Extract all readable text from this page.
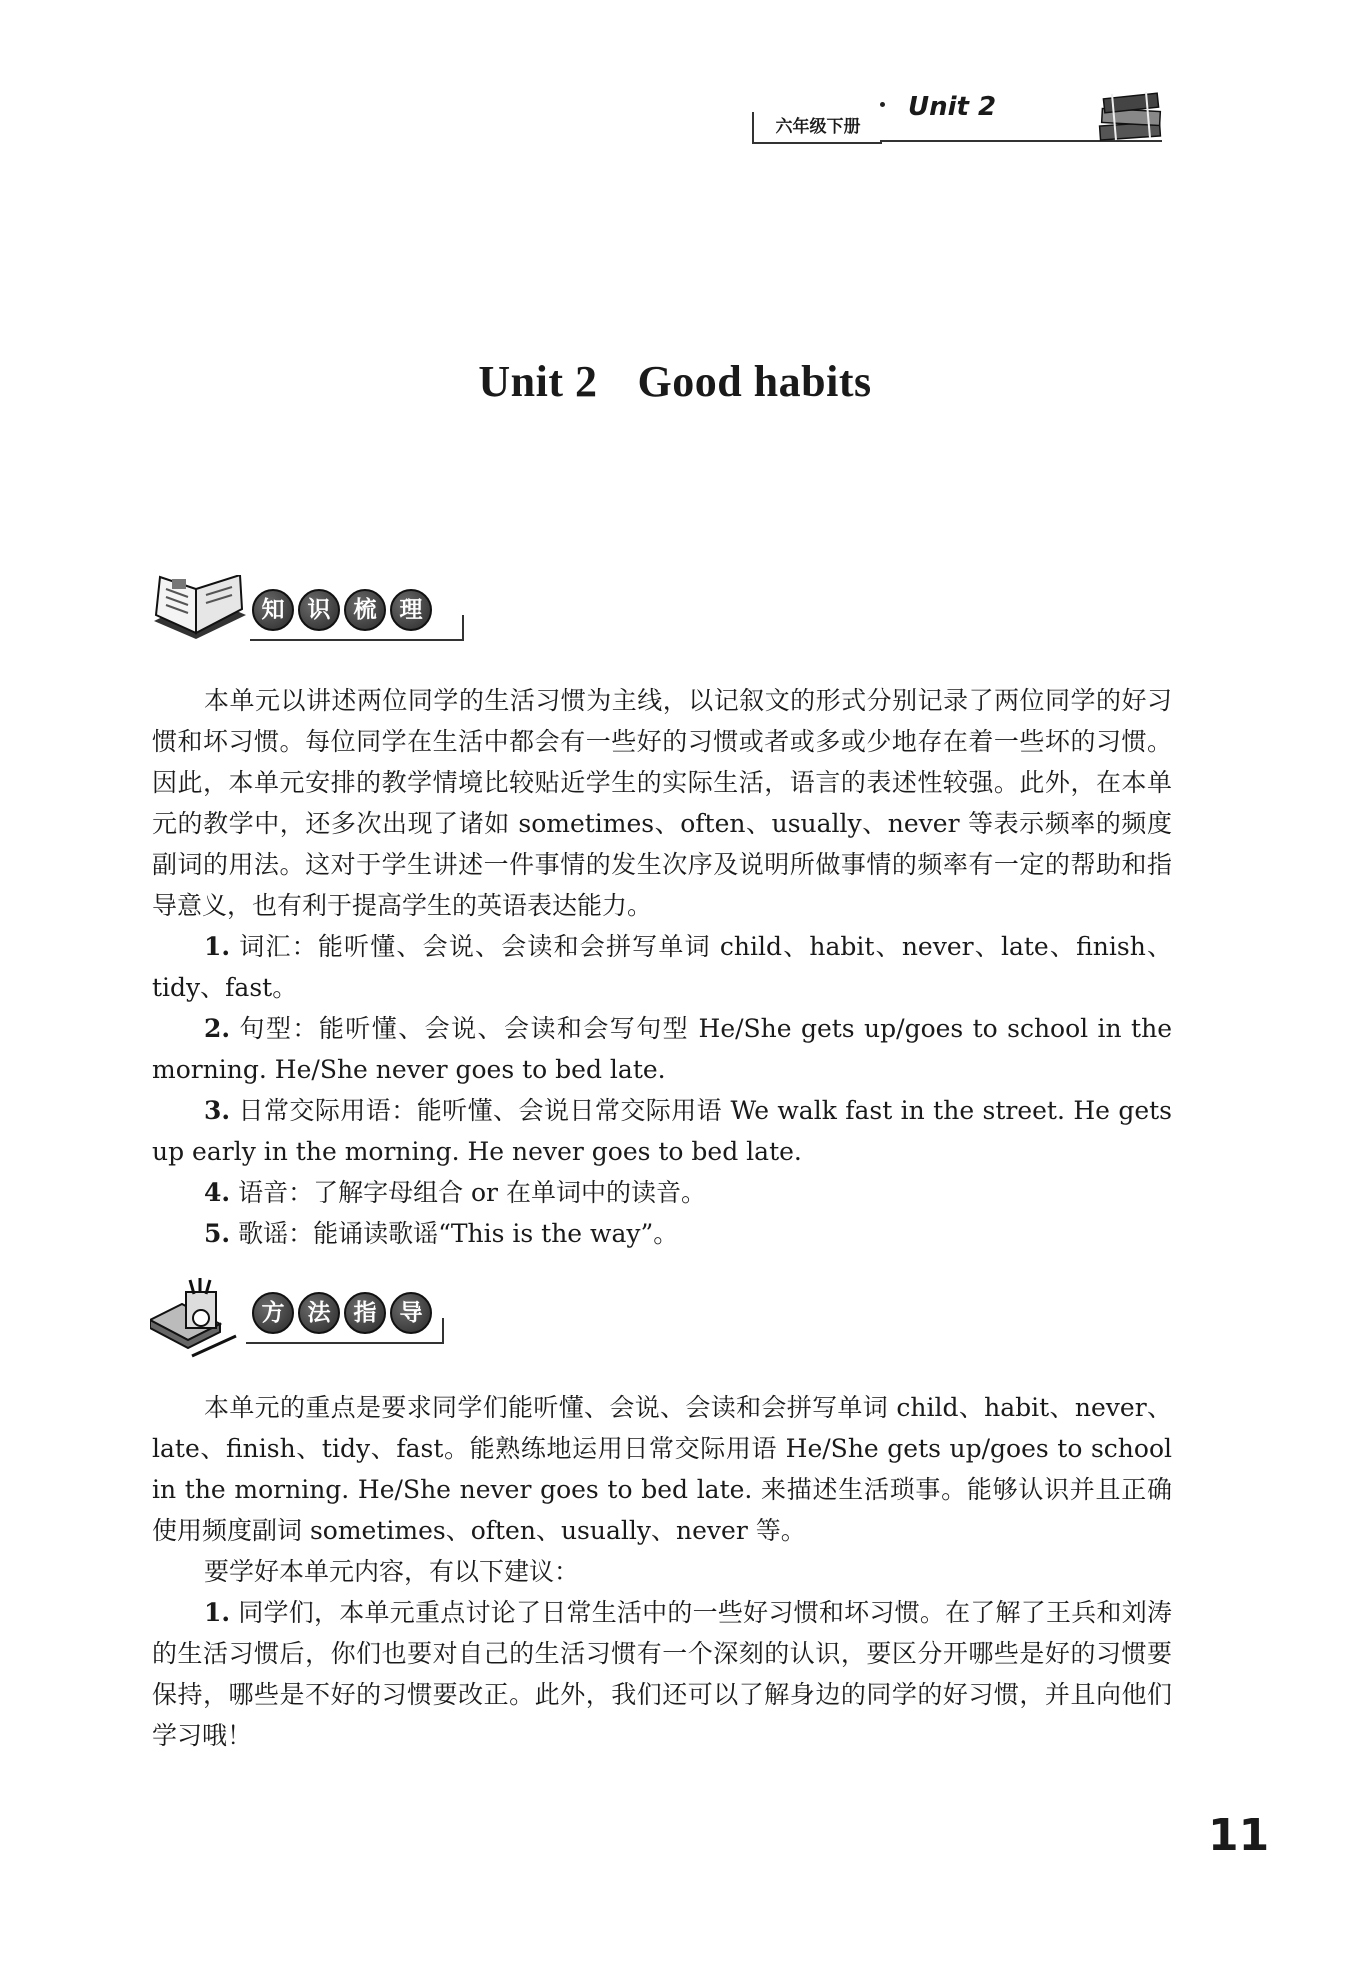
六年级下册
Unit 2
Unit 2 Good habits
知	识	梳	理

本单元以讲述两位同学的生活习惯为主线，以记叙文的形式分别记录了两位同学的好习惯和坏习惯。每位同学在生活中都会有一些好的习惯或者或多或少地存在着一些坏的习惯。因此，本单元安排的教学情境比较贴近学生的实际生活，语言的表述性较强。此外，在本单元的教学中，还多次出现了诸如 sometimes、often、usually、never 等表示频率的频度副词的用法。这对于学生讲述一件事情的发生次序及说明所做事情的频率有一定的帮助和指导意义，也有利于提高学生的英语表达能力。

1. 词汇：能听懂、会说、会读和会拼写单词 child、habit、never、late、finish、tidy、fast。

2. 句型：能听懂、会说、会读和会写句型 He/She gets up/goes to school in the morning. He/She never goes to bed late.

3. 日常交际用语：能听懂、会说日常交际用语 We walk fast in the street. He gets up early in the morning. He never goes to bed late.

4. 语音：了解字母组合 or 在单词中的读音。

5. 歌谣：能诵读歌谣“This is the way”。

方	法	指	导

本单元的重点是要求同学们能听懂、会说、会读和会拼写单词 child、habit、never、late、finish、tidy、fast。能熟练地运用日常交际用语 He/She gets up/goes to school in the morning. He/She never goes to bed late. 来描述生活琐事。能够认识并且正确使用频度副词 sometimes、often、usually、never 等。

要学好本单元内容，有以下建议：

1. 同学们，本单元重点讨论了日常生活中的一些好习惯和坏习惯。在了解了王兵和刘涛的生活习惯后，你们也要对自己的生活习惯有一个深刻的认识，要区分开哪些是好的习惯要保持，哪些是不好的习惯要改正。此外，我们还可以了解身边的同学的好习惯，并且向他们学习哦！

11
